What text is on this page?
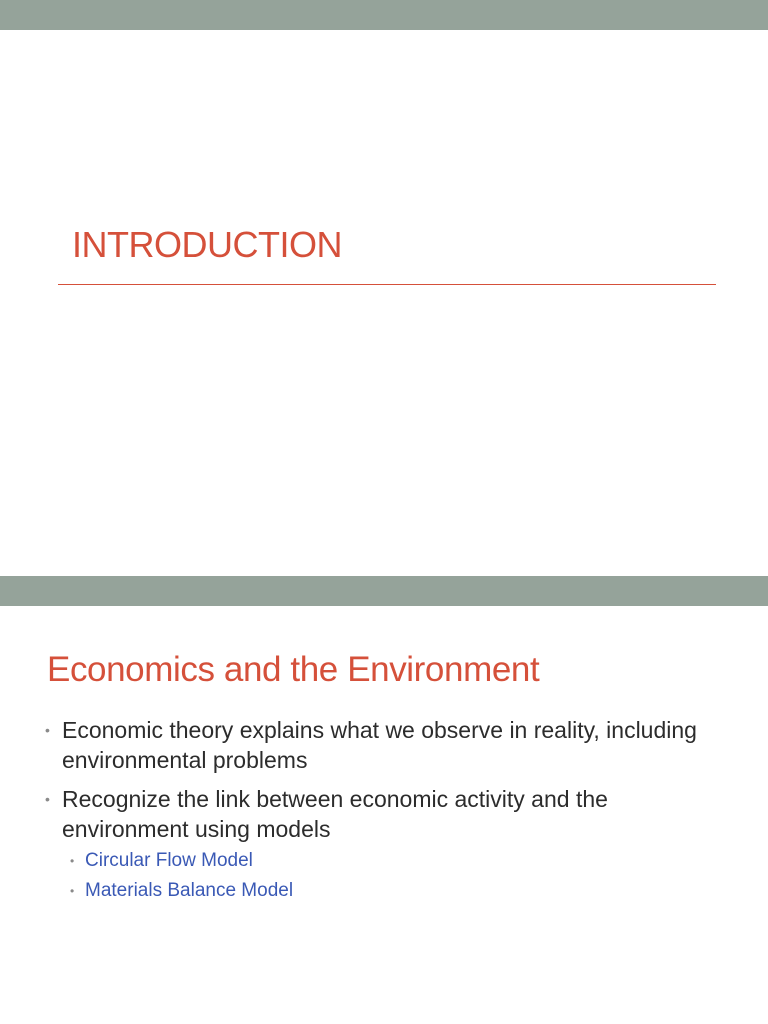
INTRODUCTION
Economics and the Environment
• Economic theory explains what we observe in reality, including environmental problems
• Recognize the link between economic activity and the environment using models
• Circular Flow Model
• Materials Balance Model
